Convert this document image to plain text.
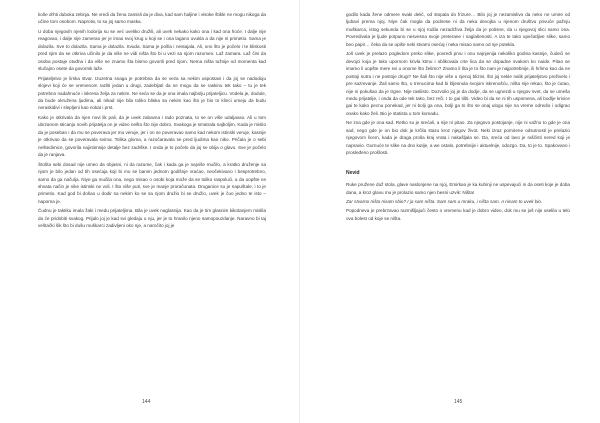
koše drhti duboka zebnja. Ne vredi da žena zamisli da je diva, kad sam haljine i visoke štikle ne mogu nikoga da učine tom osobom. Naprotiv, to su joj samo maska.

U doba njegovih njenih lodorija su se već uveliko družili, ali uvek nekako kako ona i kad ona hoće. I dalje nije reagovao, i dalje nije zamerao jer je imao svoj krug u koji se i ona lagano uvukla a da nije ni primetio. Sama je dolazila. Sve to dolazila. Sama je dolazila. Svuda. Sama je pošla i nestajala. Ali, ono što je počelo i te bliskosti pred njim da se otkriva učinilo je da više ne vidi ništa što bi u vezi sa njom razumeo. Laž zamara. Laž čini da osoba postaje otuđna i da više ne znamo šta bismo govorili pred njom. Nema ništa tužnije od momenta kad slučajno osete da govornik laže.

Prijateljstvo je lirska stvar. Izuzetna snaga je potrebna da se veza sa nekim uspostavi i da joj se nadoduju slojevi koji će se vremenom razliti jedan u drugi, zadebljati da ne mogu da se raskinu tek tako – tu je tek potrebno nadahnuće i iskrena želja za nekim. Ne seća se da je ona imala najbolju prijateljicu. Vodela je, dodule, da bude okružena ljudima, ali nikad nije bila toliko bliska sa nekim kao što je bio to klinci umeju da budu neraskidivi i slepljeni kao nokat i prst.

Kako je otkrivala da njen novi lik pali, da je uvek zabavna i rado poznata, to se on više udaljavao. Ali u tom ubrzanom sticanju novih prijatelja on je video nešto što nije dobro. Svakoga je smatrala najboljim. Kada je mislio da je poseban i da mu se poverava jer mu veruje, jer i on se poveravao samo kad nekom istinski veruje, kasnije je otkrivao da se poveravala svima. Tolika gluma, a razočaravala se pred ljudima kao niko. Pričala je o sebi neštedimice, govorila najintimnije detalje bez zadrške. I onda je to počelo da joj se obija o glavu. Sve je počelo da je ranjava.

Štošta sebi dosad nije umeo da objasni, ni da razume, čak i kada ga je najviše mučilo, a kratko druženje sa njom je bilo jedan od tih osećaja koji bi mu se banim jednom godišnje vraćao, neočekivano i besprotrebno, samo da ga načulja. Niye ga mučila ona, nego misao o osobi koja može da se toliko raspolući, a da uopšte ne shvata način je nike istinski ne voli. I što više puti, sve je manje proračunata. Druganice su je napuštale, i to je primetio. Kad god bi došao u dodir sa nekim ko se sa njom družio bi se družio, uvek je čuo jedno te isto – naporna je.

Čudnu je taktiku imala žaki i medu prijateljima. Bila je uvek naglasnija. Kao da je tim glasnim kikotanjem mislila da će pridobiti svakog. Prijalo joj je kad svi gledaju u nju, jer je to hranilo njeno samopouzdanje. Naravno bi taj veštački šik što bi dušu muškarci zadivljeni oko nje, a naročito joj je

144

godilo kada žene odmere svaki delić, od stopala do frizure… Bilo joj je nezamislivo da neko ne umire od ljubavi prema njoj. Niye čak mogla da podnese ni da neka devojka u njenom društvu privuče pažnju muškarca, istog sekunda bi se u njoj rodila nezadrživa želja da je potisne, da u njegovoj slici samo ona. Povredivala je ljude potpuno nesvesna svoje preterane i naglašenosti. A iza te tako upečatljive slike, samo beo papir… čeka da se upiše neki stvarni osećaj i neka misao samo od nje potekla.

Još uvek je prelazo pogledom preko slike, povređi prvu i onu najnjenija nekoliko godina kasnije, čudeći se devojci koja je tako upornom krivla ktmu i oblikovala crte lica da se dopadne svakom ko naide. Pitao se imamo li uopšte mere svi u onome što želimo? Znamo li šta je to što nam je najpotrebnije, ili hrlimo kao da ne postoji sutra i ne postoje drugi? Ne šali što nije više u njenoj blizini, što joj nekle nalik prijateljstvo preživelo i pre sazrevanje. Žali samo što, u trenucima kad bi bljesnula svojom iskrenošću, ništa nije rekao, što je ćutao, nije ni pokušao da je trgne. Nije rasliisto. Dozvolio joj je da dodje, da se ugnezdi u njegov svet, da se umeša medu prijatelje, i onda da ode tek tako, bez reči. I to gai tišti. Video bi da se ni tih uspomena, ali bodlje krivice gai te kako pecnu ponekad, jer ni bolji ga ona, bolji ga to što se onaj ulogu nije na vreme odredio i odigrao onako kako želi. Bio je statista u tom komadu.

Ne zna gde je ona sad. Retko su je srećali, a nije ni pitao. Za njegovo postojanje, nije ni važno to gde je ona sad, nego gde je on bio dok je krčila stazu kroz njegov život. Neki izraz pomirene odsutnosti je prelazio njegovom licem, kada je draga proša kraj vrata i nakašljala se. Da, sreća od lavo je raščisti nered koji je napravio. Gurnuće te slike na dno kutije, a we ostalo, potrebnije i aktuelnije, odozgo. Da, to je to. Spakovano i prosleđeno prošlosti.

Nevid

Ruke pružene duž stola, glave naslonjene na njoj, Emirkao je ka kuhinji ne uspevajući ni da oseti koje je doba dana, a kroz glavu mu je prolazio samo njen besni uzvik: Ništa!

Zar stvarno ništa nisam sbio? I ja sam ništa. Sam sam u mraku, i ništa sam. A nisam to uvek bio.

Popodneva je prebrzavao razmišljajući često o vremenu kad je dobro video, dok mu se još nije uselila u telo ova bolest od koje se ništa.

145
